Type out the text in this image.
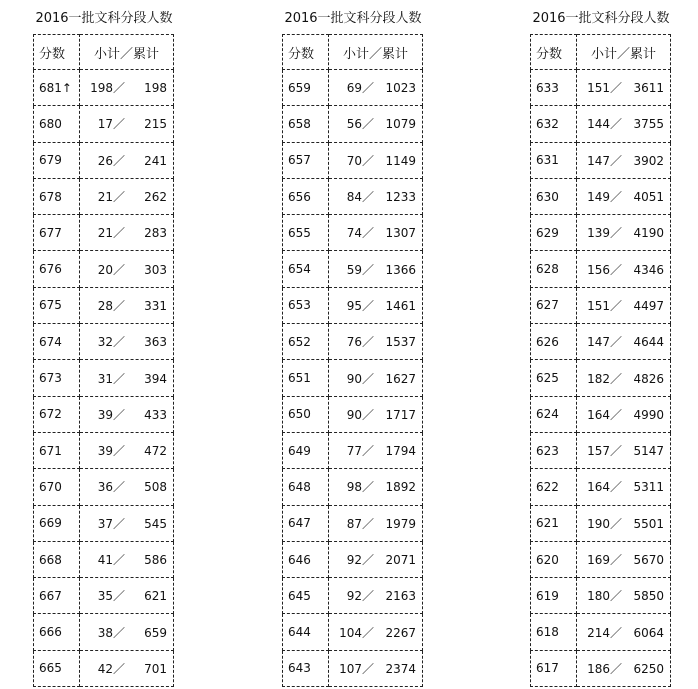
2016一批文科分段人数
分数	小计／累计
681↑	198／ 198
680	17／ 215
679	26／ 241
678	21／ 262
677	21／ 283
676	20／ 303
675	28／ 331
674	32／ 363
673	31／ 394
672	39／ 433
671	39／ 472
670	36／ 508
669	37／ 545
668	41／ 586
667	35／ 621
666	38／ 659
665	42／ 701
2016一批文科分段人数
分数	小计／累计
659	69／ 1023
658	56／ 1079
657	70／ 1149
656	84／ 1233
655	74／ 1307
654	59／ 1366
653	95／ 1461
652	76／ 1537
651	90／ 1627
650	90／ 1717
649	77／ 1794
648	98／ 1892
647	87／ 1979
646	92／ 2071
645	92／ 2163
644	104／ 2267
643	107／ 2374
2016一批文科分段人数
分数	小计／累计
633	151／ 3611
632	144／ 3755
631	147／ 3902
630	149／ 4051
629	139／ 4190
628	156／ 4346
627	151／ 4497
626	147／ 4644
625	182／ 4826
624	164／ 4990
623	157／ 5147
622	164／ 5311
621	190／ 5501
620	169／ 5670
619	180／ 5850
618	214／ 6064
617	186／ 6250
